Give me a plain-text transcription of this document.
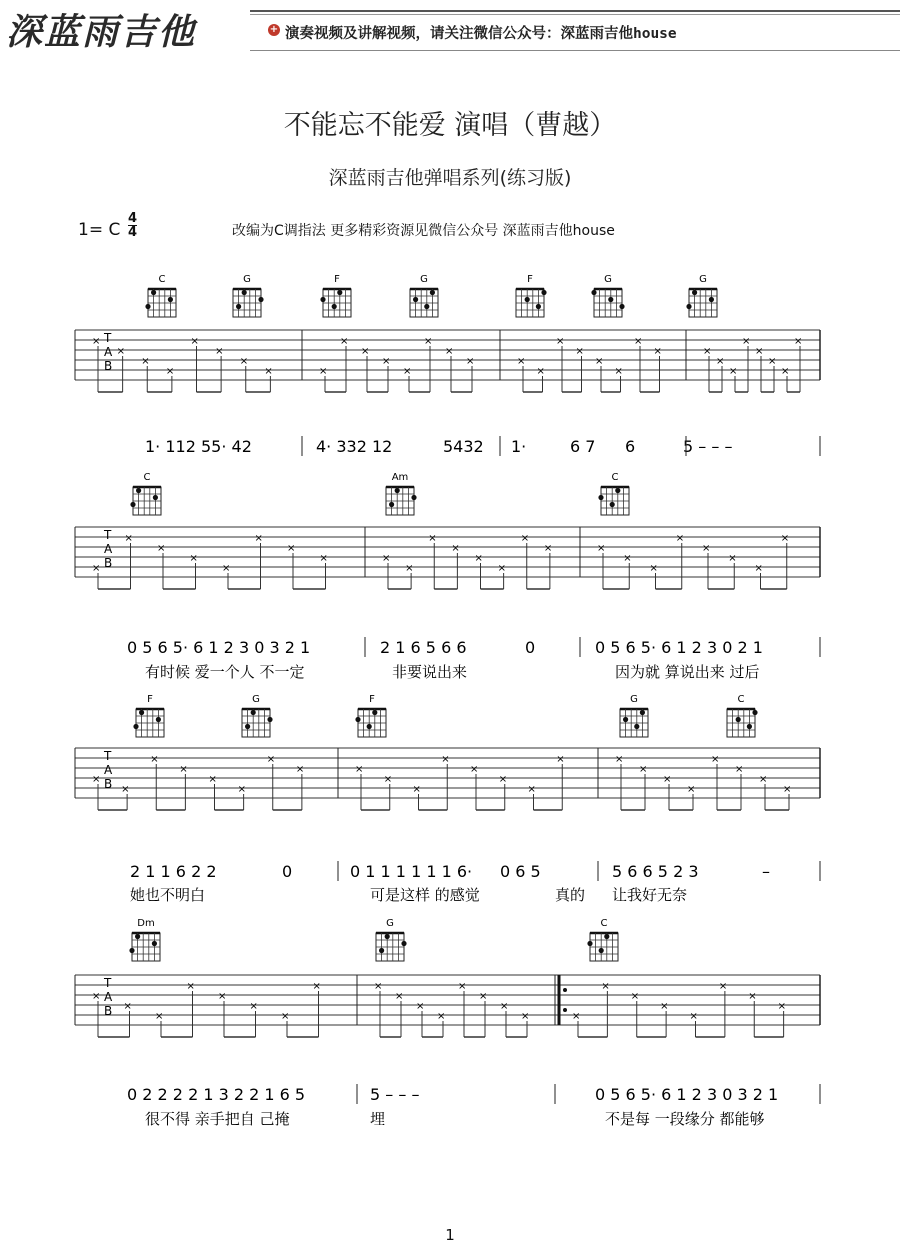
深蓝雨吉他	+ 演奏视频及讲解视频，请关注微信公众号：深蓝雨吉他house
不能忘不能爱 演唱（曹越）
深蓝雨吉他弹唱系列(练习版)
1= C $\frac{4}{4}$	改编为C调指法 更多精彩资源见微信公众号 深蓝雨吉他house
T
A
B
×
×
×
×
×
×
×
×	×
×
×
×
×
×
×
×	×
×
×
×
×
×
×
×	×
×
×
×
×
×
×
×
T
A
B
×
×
×
×
×
×
×
×	×
×
×
×
×
×
×
×	×
×
×
×
×
×
×
×
T
A
B
×
×
×
×
×
×
×
×	×
×
×
×
×
×
×
×	×
×
×
×
×
×
×
×
T
A
B
×
×
×
×
×
×
×
×	×
×
×
×
×
×
×
×	×
×
×
×
×
×
×
×
C	G	F	G	F	G	G
C	Am	C
F	G	F	G	C
Dm	G	C
1· 112 55· 42	4· 332 12	5432 1·	6 7 6	5 – – –
0 5 6 5· 6 1 2 3 0 3 2 1	2 1 6 5 6 6	0	0 5 6 5· 6 1 2 3 0 2 1
有时候 爱一个人 不一定	非要说出来	因为就 算说出来 过后
2 1 1 6 2 2	0	0 1 1 1 1 1 1 6· 0 6 5	5 6 6 5 2 3	–
她也不明白	可是这样 的感觉	真的 让我好无奈
0 2 2 2 2 1 3 2 2 1 6 5	5 – – –	0 5 6 5· 6 1 2 3 0 3 2 1
很不得 亲手把自 己掩	埋	不是每 一段缘分 都能够
1
